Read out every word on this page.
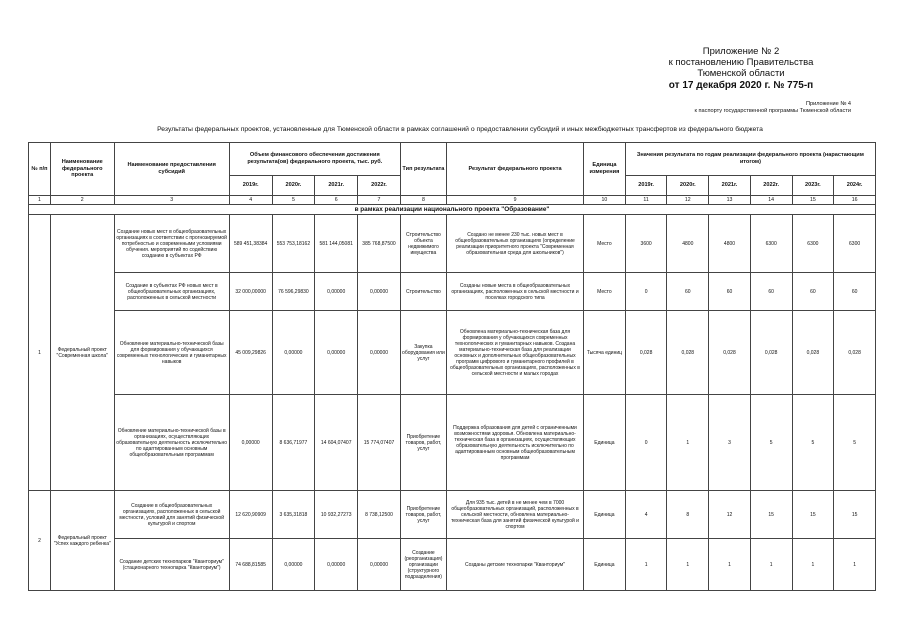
Приложение № 2
к постановлению Правительства
Тюменской области
от 17 декабря 2020 г. № 775-п
Приложение № 4
к паспорту государственной программы Тюменской области
Результаты федеральных проектов, установленные для Тюменской области в рамках соглашений о предоставлении субсидий и иных межбюджетных трансфертов из федерального бюджета
№ п/п	Наименование федерального проекта	Наименование предоставления субсидий	Объем финансового обеспечения достижения результата(ов) федерального проекта, тыс. руб.				Тип результата	Результат федерального проекта	Единица измерения	Значения результата по годам реализации федерального проекта (нарастающим итогом)					
			2019г.	2020г.	2021г.	2022г.				2019г.	2020г.	2021г.	2022г.	2023г.	2024г.
1	2	3	4	5	6	7	8	9	10	11	12	13	14	15	16
в рамках реализации национального проекта "Образование"															
1	Федеральный проект "Современная школа"	Создание новых мест в общеобразовательных организациях в соответствии с прогнозируемой потребностью и современными условиями обучения. мероприятий по содействию созданию в субъектах РФ	589 451,38384	553 753,18162	581 144,05081	385 768,87500	Строительство объекта недвижимого имущества	Создано не менее 230 тыс. новых мест в общеобразовательных организациях (определение реализации приоритетного проекта "Современная образовательная среда для школьников")	Место	3600	4800	4800	6300	6300	6300
		Создание в субъектах РФ новых мест в общеобразовательных организациях, расположенных в сельской местности	32 000,00000	76 596,29830	0,00000	0,00000	Строительство	Созданы новые места в общеобразовательных организациях, расположенных в сельской местности и поселках городского типа	Место	0	60	60	60	60	60
		Обновление материально-технической базы для формирования у обучающихся современных технологических и гуманитарных навыков	45 009,29826	0,00000	0,00000	0,00000	Закупка оборудования или услуг	Обновлена материально-техническая база для формирования у обучающихся современных технологических и гуманитарных навыков. Создана материально-техническая база для реализации основных и дополнительных общеобразовательных программ цифрового и гуманитарного профилей в общеобразовательных организациях, расположенных в сельской местности и малых городах	Тысяча единиц	0,028	0,028	0,028	0,028	0,028	0,028
		Обновление материально-технической базы в организациях, осуществляющих образовательную деятельность исключительно по адаптированным основным общеобразовательным программам	0,00000	8 636,71977	14 604,07407	15 774,07407	Приобретение товаров, работ, услуг	Поддержка образования для детей с ограниченными возможностями здоровья. Обновлена материально-техническая база в организациях, осуществляющих образовательную деятельность исключительно по адаптированным основным общеобразовательным программам	Единица	0	1	3	5	5	5
2	Федеральный проект "Успех каждого ребенка"	Создание в общеобразовательных организациях, расположенных в сельской местности, условий для занятий физической культурой и спортом	12 620,90909	3 635,31818	10 932,27273	8 738,12500	Приобретение товаров, работ, услуг	Для 935 тыс. детей в не менее чем в 7000 общеобразовательных организаций, расположенных в сельской местности, обновлена материально-техническая база для занятий физической культурой и спортом	Единица	4	8	12	15	15	15
		Создание детских технопарков "Кванториум" (стационарного технопарка "Кванториум")	74 688,81585	0,00000	0,00000	0,00000	Создание (реорганизация) организации (структурного подразделения)	Созданы детские технопарки "Кванториум"	Единица	1	1	1	1	1	1
